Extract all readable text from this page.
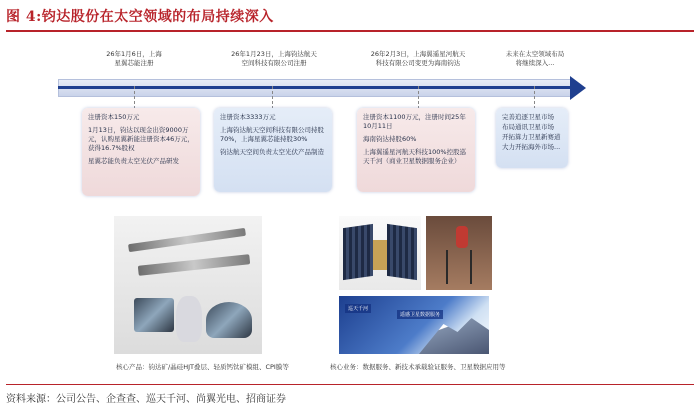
图 4:钧达股份在太空领域的布局持续深入
26年1月6日，上海
星翼芯能注册
26年1月23日，上海钧达航天
空间科技有限公司注册
26年2月3日，上海翼遥星河航天
科技有限公司变更为海南钧达
未来在太空领域布局
将继续深入...

注册资本150万元

1月13日，钧达以现金出资9000万元，认购星翼新能注册资本46万元，获得16.7%股权

星翼芯能负责太空光伏产品研发

注册资本3333万元

上海钧达航天空间科技有限公司持股70%，上海星翼芯能持股30%

钧达航天空间负责太空光伏产品制造

注册资本1100万元，注册时间25年10月11日

海南钧达持股60%

上海翼遥星河航天科技100%控股巡天千河（商业卫星数据服务企业）

完善追逐卫星市场

布局通讯卫星市场

开拓算力卫星新赛道

大力开拓海外市场...

巡天千河
遥感卫星数据服务
核心产品：钧达矿/晶硅HJT叠层、轻质钙钛矿模组、CPI膜等	核心业务：数据服务、新技术承载验证服务、卫星数据应用等
资料来源：公司公告、企查查、巡天千河、尚翼光电、招商证券
